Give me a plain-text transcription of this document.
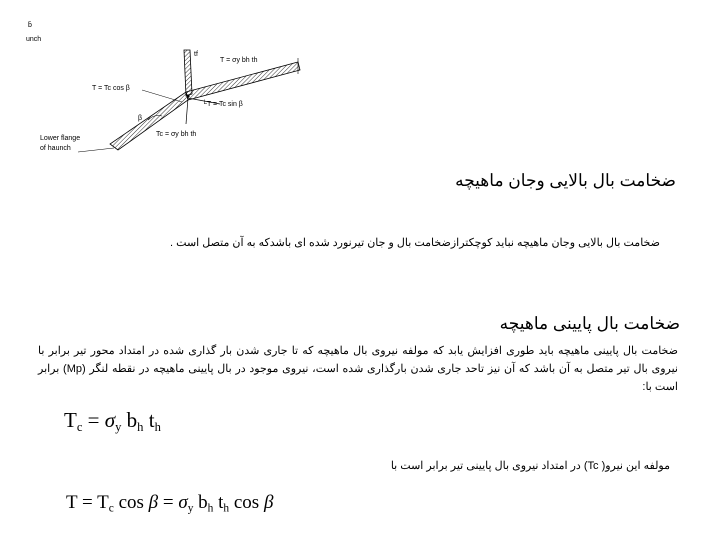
b̄
unch
T = σy bh th
tf
T = Tc cos β
β
└T = Tc sin β
Tc = σy bh th
Lower flange
of haunch
ضخامت بال بالایی وجان ماهیچه
ضخامت بال بالایی وجان ماهیچه نباید کوچکترازضخامت بال و جان تیرنورد شده ای باشدکه به آن متصل است .
ضخامت بال پایینی ماهیچه
ضخامت بال پایینی ماهیچه باید طوری افزایش یابد که مولفه نیروی بال ماهیچه که تا جاری شدن بار گذاری شده در امتداد محور تیر برابر با نیروی بال تیر متصل به آن باشد که آن نیز تاحد جاری شدن بارگذاری شده است، نیروی موجود در بال پایینی ماهیچه در نقطه لنگر (Mp) برابر است با:
$T_c = \sigma_y$ $b_h$ $t_h$
مولفه این نیرو( Tc) در امتداد نیروی بال پایینی تیر برابر است با
$T = T_c$ $\cos \beta = \sigma_y$ $b_h$ $t_h$ cos β
